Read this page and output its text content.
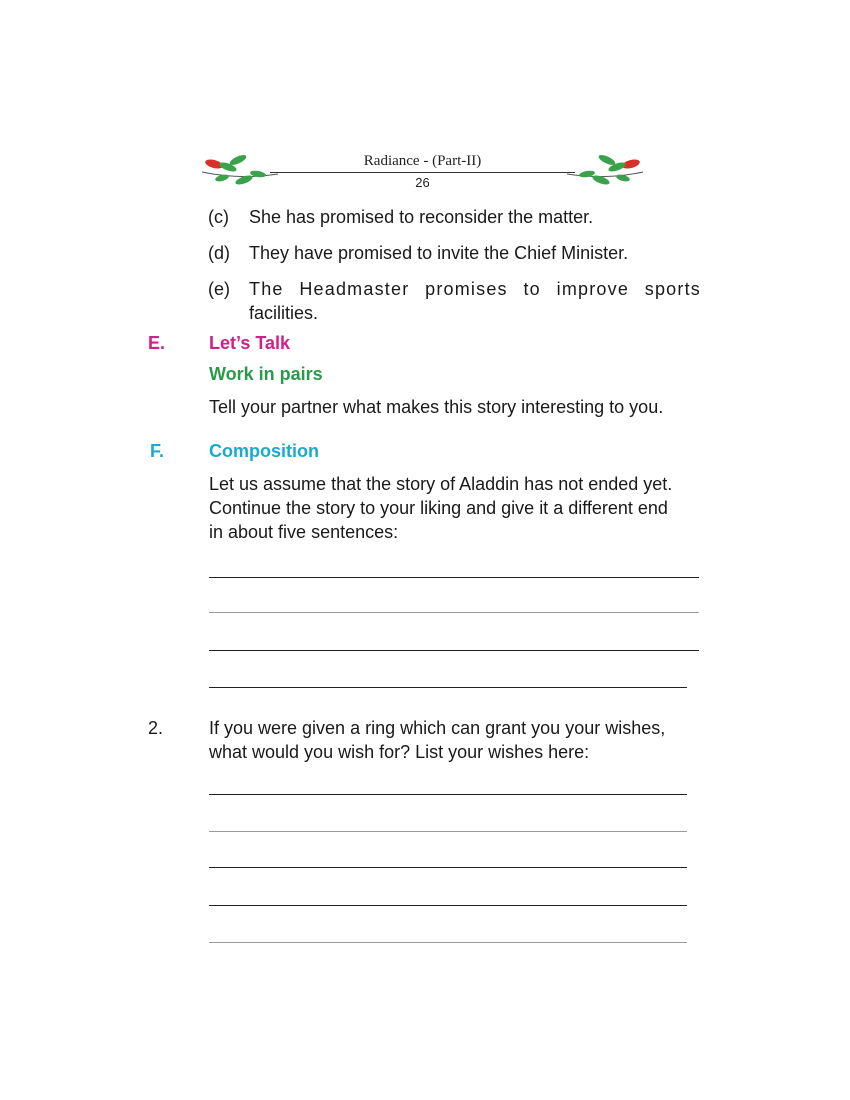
Radiance - (Part-II)
26
(c)	She has promised to reconsider the matter.
(d)	They have promised to invite the Chief Minister.
(e)	The Headmaster promises to improve sports
facilities.
E. Let’s Talk
Work in pairs
Tell your partner what makes this story interesting to you.
F. Composition
Let us assume that the story of Aladdin has not ended yet.
Continue the story to your liking and give it a different end
in about five sentences:
2.	If you were given a ring which can grant you your wishes,
what would you wish for? List your wishes here:
